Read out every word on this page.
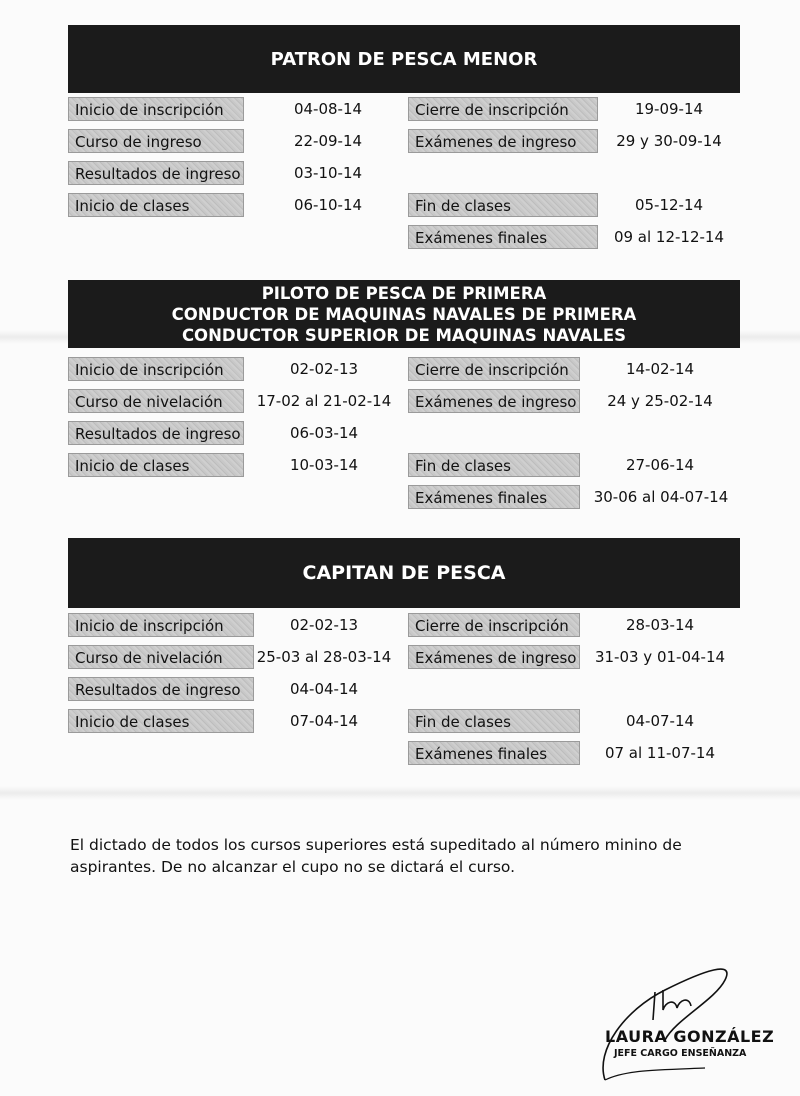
PATRON DE PESCA MENOR
Inicio de inscripción	04-08-14	Cierre de inscripción	19-09-14
Curso de ingreso	22-09-14	Exámenes de ingreso	29 y 30-09-14
Resultados de ingreso	03-10-14
Inicio de clases	06-10-14	Fin de clases	05-12-14
Exámenes finales	09 al 12-12-14
PILOTO DE PESCA DE PRIMERA
CONDUCTOR DE MAQUINAS NAVALES DE PRIMERA
CONDUCTOR SUPERIOR DE MAQUINAS NAVALES
Inicio de inscripción	02-02-13	Cierre de inscripción	14-02-14
Curso de nivelación	17-02 al 21-02-14	Exámenes de ingreso	24 y 25-02-14
Resultados de ingreso	06-03-14
Inicio de clases	10-03-14	Fin de clases	27-06-14
Exámenes finales	30-06 al 04-07-14
CAPITAN DE PESCA
Inicio de inscripción	02-02-13	Cierre de inscripción	28-03-14
Curso de nivelación	25-03 al 28-03-14	Exámenes de ingreso	31-03 y 01-04-14
Resultados de ingreso	04-04-14
Inicio de clases	07-04-14	Fin de clases	04-07-14
Exámenes finales	07 al 11-07-14
El dictado de todos los cursos superiores está supeditado al número minino de aspirantes. De no alcanzar el cupo no se dictará el curso.
LAURA GONZÁLEZ
JEFE CARGO ENSEÑANZA
